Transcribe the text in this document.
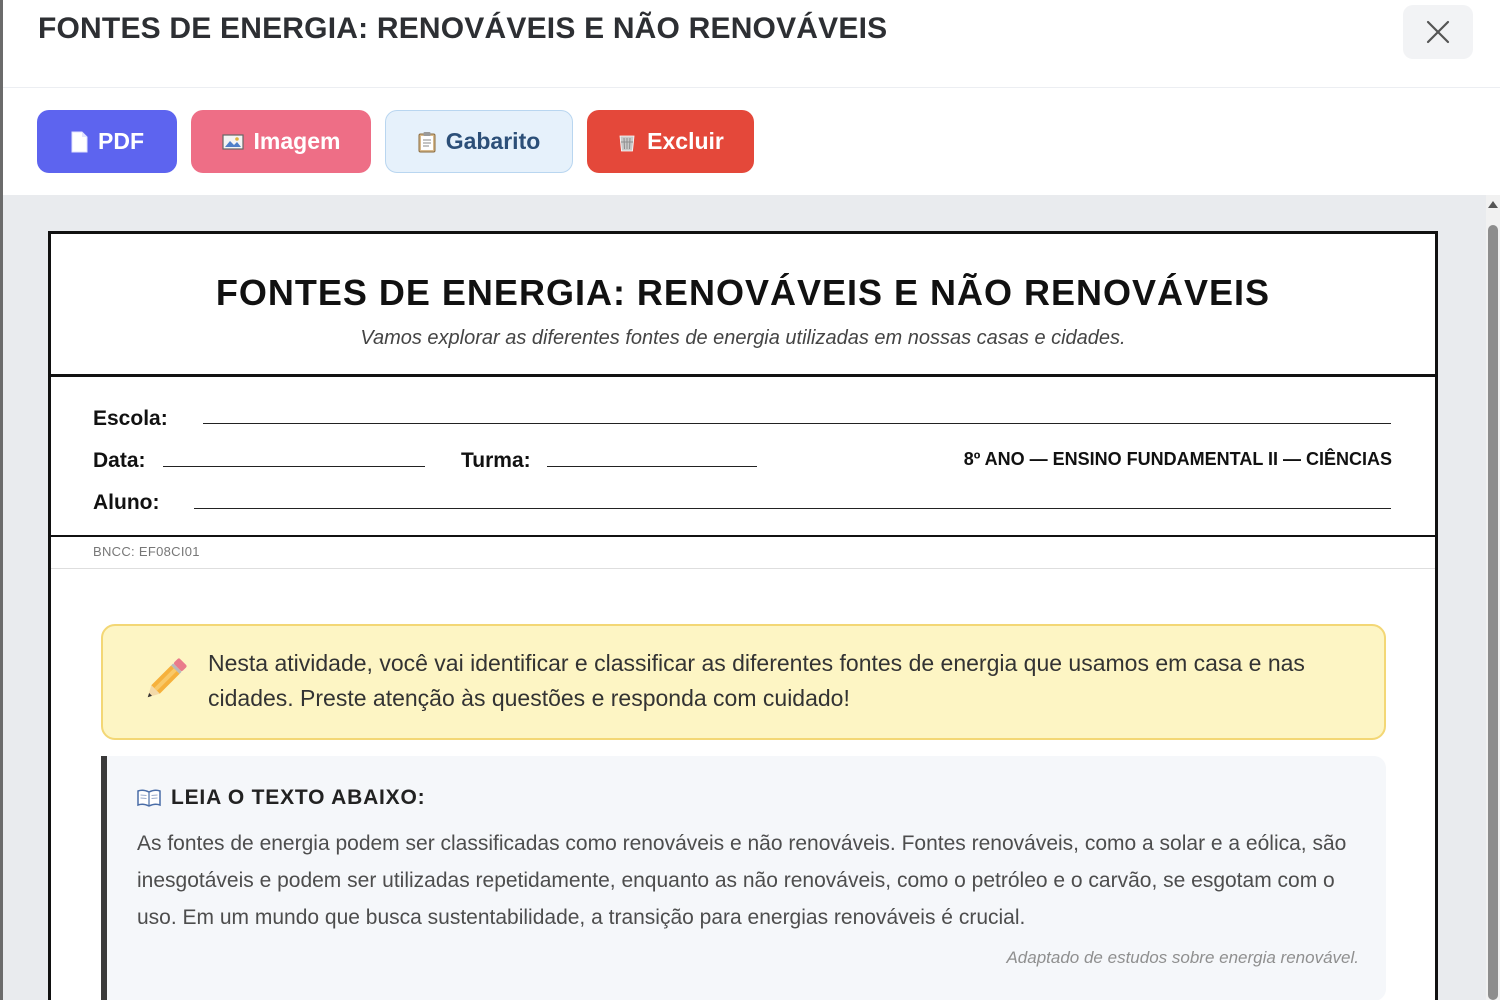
FONTES DE ENERGIA: RENOVÁVEIS E NÃO RENOVÁVEIS
PDF	Imagem	Gabarito	Excluir
FONTES DE ENERGIA: RENOVÁVEIS E NÃO RENOVÁVEIS
Vamos explorar as diferentes fontes de energia utilizadas em nossas casas e cidades.
Escola:
Data:	Turma:	8º ANO — ENSINO FUNDAMENTAL II — CIÊNCIAS
Aluno:
BNCC: EF08CI01
Nesta atividade, você vai identificar e classificar as diferentes fontes de energia que usamos em casa e nas cidades. Preste atenção às questões e responda com cuidado!
LEIA O TEXTO ABAIXO:
As fontes de energia podem ser classificadas como renováveis e não renováveis. Fontes renováveis, como a solar e a eólica, são inesgotáveis e podem ser utilizadas repetidamente, enquanto as não renováveis, como o petróleo e o carvão, se esgotam com o uso. Em um mundo que busca sustentabilidade, a transição para energias renováveis é crucial.
Adaptado de estudos sobre energia renovável.
